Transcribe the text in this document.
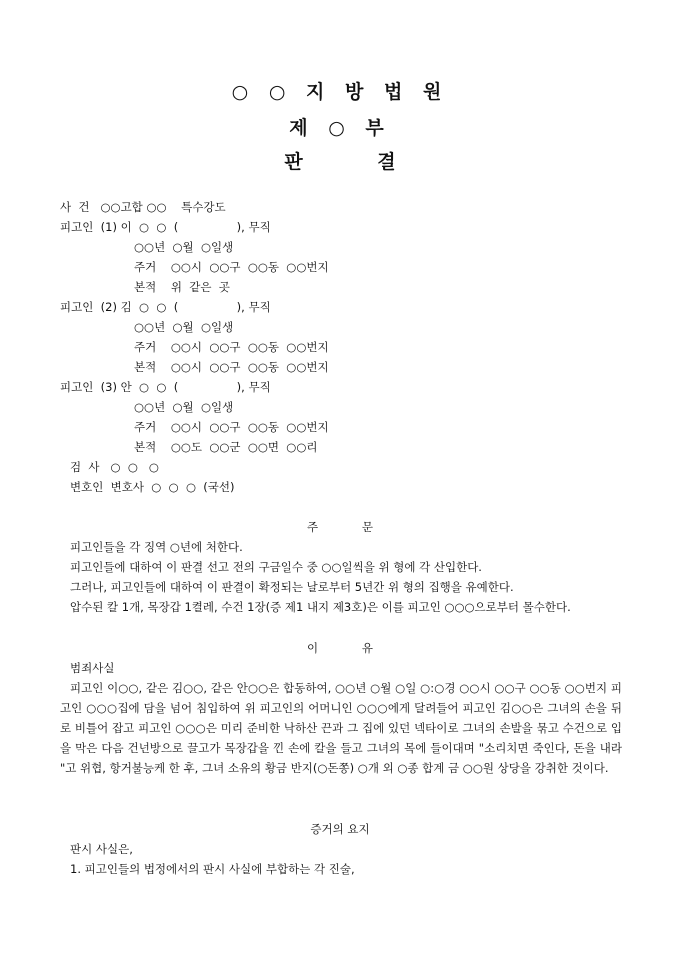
○ ○ 지 방 법 원
제 ○ 부
판 결
사  건   ○○고합 ○○    특수강도
피고인  (1) 이  ○  ○  (                ), 무직
○○년  ○월  ○일생
주거    ○○시  ○○구  ○○동  ○○번지
본적    위  같은  곳
피고인  (2) 김  ○  ○  (                ), 무직
○○년  ○월  ○일생
주거    ○○시  ○○구  ○○동  ○○번지
본적    ○○시  ○○구  ○○동  ○○번지
피고인  (3) 안  ○  ○  (                ), 무직
○○년  ○월  ○일생
주거    ○○시  ○○구  ○○동  ○○번지
본적    ○○도  ○○군  ○○면  ○○리
검  사   ○  ○   ○
변호인  변호사  ○  ○  ○  (국선)
주            문
피고인들을 각 징역 ○년에 처한다.
피고인들에 대하여 이 판결 선고 전의 구금일수 중 ○○일씩을 위 형에 각 산입한다.
그러나, 피고인들에 대하여 이 판결이 확정되는 날로부터 5년간 위 형의 집행을 유예한다.
압수된 칼 1개, 목장갑 1켤레, 수건 1장(증 제1 내지 제3호)은 이를 피고인 ○○○으로부터 몰수한다.
이            유
범죄사실
피고인 이○○, 같은 김○○, 같은 안○○은 합동하여, ○○년 ○월 ○일 ○:○경 ○○시 ○○구 ○○동 ○○번지 피고인 ○○○집에 담을 넘어 침입하여 위 피고인의 어머니인 ○○○에게 달려들어 피고인 김○○은 그녀의 손을 뒤로 비틀어 잡고 피고인 ○○○은 미리 준비한 낙하산 끈과 그 집에 있던 넥타이로 그녀의 손발을 묶고 수건으로 입을 막은 다음 건넌방으로 끌고가 목장갑을 낀 손에 칼을 들고 그녀의 목에 들이대며 "소리치면 죽인다, 돈을 내라 "고 위협, 항거불능케 한 후, 그녀 소유의 황금 반지(○돈쫑) ○개 외 ○종 합계 금 ○○원 상당을 강취한 것이다.
증거의 요지
판시 사실은,
1. 피고인들의 법정에서의 판시 사실에 부합하는 각 진술,
